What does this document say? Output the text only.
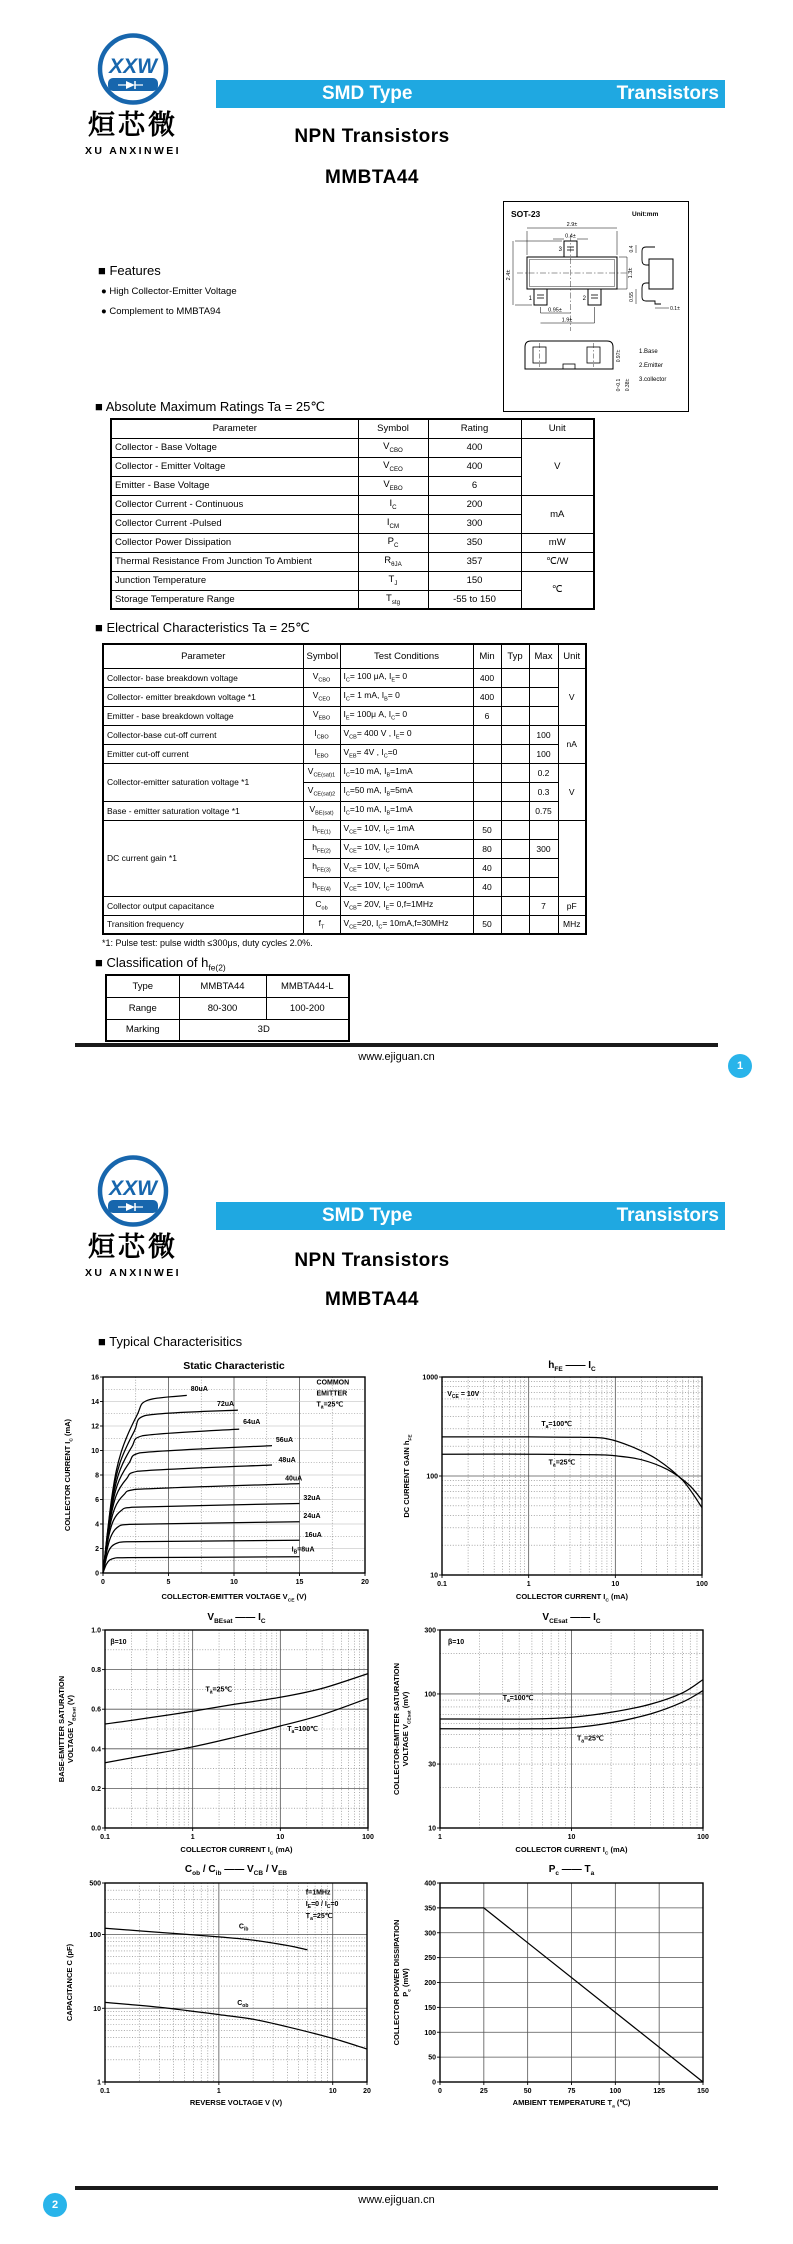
XXW
烜芯微
XU ANXINWEI
SMD Type	Transistors
NPN Transistors
MMBTA44
■ Features
● High Collector-Emitter Voltage
● Complement to MMBTA94
SOT-23	Unit:mm
2.9±
0.4±
2.4±	1.3±
0.95±
1.9±
3
1	2
0.4
0.55
0.1±
0.97±
0~0.1 0.38±
1.Base
2.Emitter
3.collector
■ Absolute Maximum Ratings Ta = 25℃
Parameter	Symbol	Rating	Unit
Collector - Base Voltage	$V_{CBO}$	400	V
Collector - Emitter Voltage	$V_{CEO}$	400	
Emitter - Base Voltage	$V_{EBO}$	6	
Collector Current - Continuous	$I_C$	200	mA
Collector Current -Pulsed	$I_{CM}$	300	
Collector Power Dissipation	$P_C$	350	mW
Thermal Resistance From Junction To Ambient	$R_{\theta JA}$	357	℃/W
Junction Temperature	$T_J$	150	℃
Storage Temperature Range	$T_{stg}$	-55 to 150	
■ Electrical Characteristics Ta = 25℃
Parameter	Symbol	Test Conditions	Min	Typ	Max	Unit
Collector- base breakdown voltage	$V_{CBO}$	$I_C= 100$ μA, $I_E= 0$	400			V
Collector- emitter breakdown voltage *1	$V_{CEO}$	$I_C= 1$ mA, $I_B= 0$	400			
Emitter - base breakdown voltage	$V_{EBO}$	$I_E= 100\mu$ A, $I_C= 0$	6			
Collector-base cut-off current	$I_{CBO}$	$V_{CB}= 400$ V , $I_E= 0$			100	nA
Emitter cut-off current	$I_{EBO}$	$V_{EB}= 4V$ , $I_C=0$			100	
Collector-emitter saturation voltage *1	$V_{CE(sat)1}$	$I_C=10$ mA, $I_B=1mA$			0.2	V
	$V_{CE(sat)2}$	$I_C=50$ mA, $I_B=5mA$			0.3	
Base - emitter saturation voltage *1	$V_{BE(sat)}$	$I_C=10$ mA, $I_B=1mA$			0.75	
DC current gain *1	$h_{FE(1)}$	$V_{CE}= 10V$, $I_C= 1mA$	50			
	$h_{FE(2)}$	$V_{CE}= 10V$, $I_C= 10mA$	80		300	
	$h_{FE(3)}$	$V_{CE}= 10V$, $I_C= 50mA$	40			
	$h_{FE(4)}$	$V_{CE}= 10V$, $I_C= 100mA$	40			
Collector output capacitance	$C_{ob}$	$V_{CB}= 20V$, $I_E= 0,f=1MHz$			7	pF
Transition frequency	$f_T$	$V_{CE}=20$, $I_C= 10mA,f=30MHz$	50			MHz
*1: Pulse test: pulse width ≤300μs, duty cycle≤ 2.0%.
■ Classification of $h_{fe(2)}$
Type	MMBTA44	MMBTA44-L
Range	80-300	100-200
Marking	3D	
www.ejiguan.cn
1
XXW
烜芯微
XU ANXINWEI
SMD Type	Transistors
NPN Transistors
MMBTA44
■ Typical Characterisitics
Static Characteristic
COLLECTOR CURRENT $I_C$ (mA)
0	5	10	15	20
0
2
4
6
8
10
12
14
16
80uA
72uA
64uA
56uA
48uA
40uA
32uA
24uA
16uA
$I_B=8uA$
COMMON
EMITTER
$T_a=25℃$
COLLECTOR-EMITTER VOLTAGE $V_{CE}$ (V)
$h_{FE}$ —— $I_C$
DC CURRENT GAIN $h_{FE}$
0.1	1	10	100
10
100
1000
$V_{CE} = 10V$
$T_a=100℃$
$T_a=25℃$
COLLECTOR CURRENT $I_C$ (mA)
$V_{BEsat}$ —— $I_C$
BASE-EMITTER SATURATION
VOLTAGE $V_{BEsat}$ (V)
0.1	1	10	100
0.0
0.2
0.4
0.6
0.8
1.0
β=10
$T_a=25℃$
$T_a=100℃$
COLLECTOR CURRENT $I_C$ (mA)
$V_{CEsat}$ —— $I_C$
COLLECTOR-EMITTER SATURATION
VOLTAGE $V_{CEsat}$ (mV)
1	10	100
10
30
100
300
β=10
$T_a=100℃$
$T_a=25℃$
COLLECTOR CURRENT $I_C$ (mA)
$C_{ob} / C_{ib}$ —— $V_{CB} / V_{EB}$
CAPACITANCE C (pF)
0.1	1	10	20
1
10
100
500
f=1MHz
$I_E=0 / I_C=0$
$T_a=25℃$
$C_{ib}$
$C_{ob}$
REVERSE VOLTAGE V (V)
$P_c$ —— $T_a$
COLLECTOR POWER DISSIPATION
$P_c$ (mW)
0	25	50	75	100	125	150
0
50
100
150
200
250
300
350
400
AMBIENT TEMPERATURE $T_a$ (℃)
www.ejiguan.cn
2
